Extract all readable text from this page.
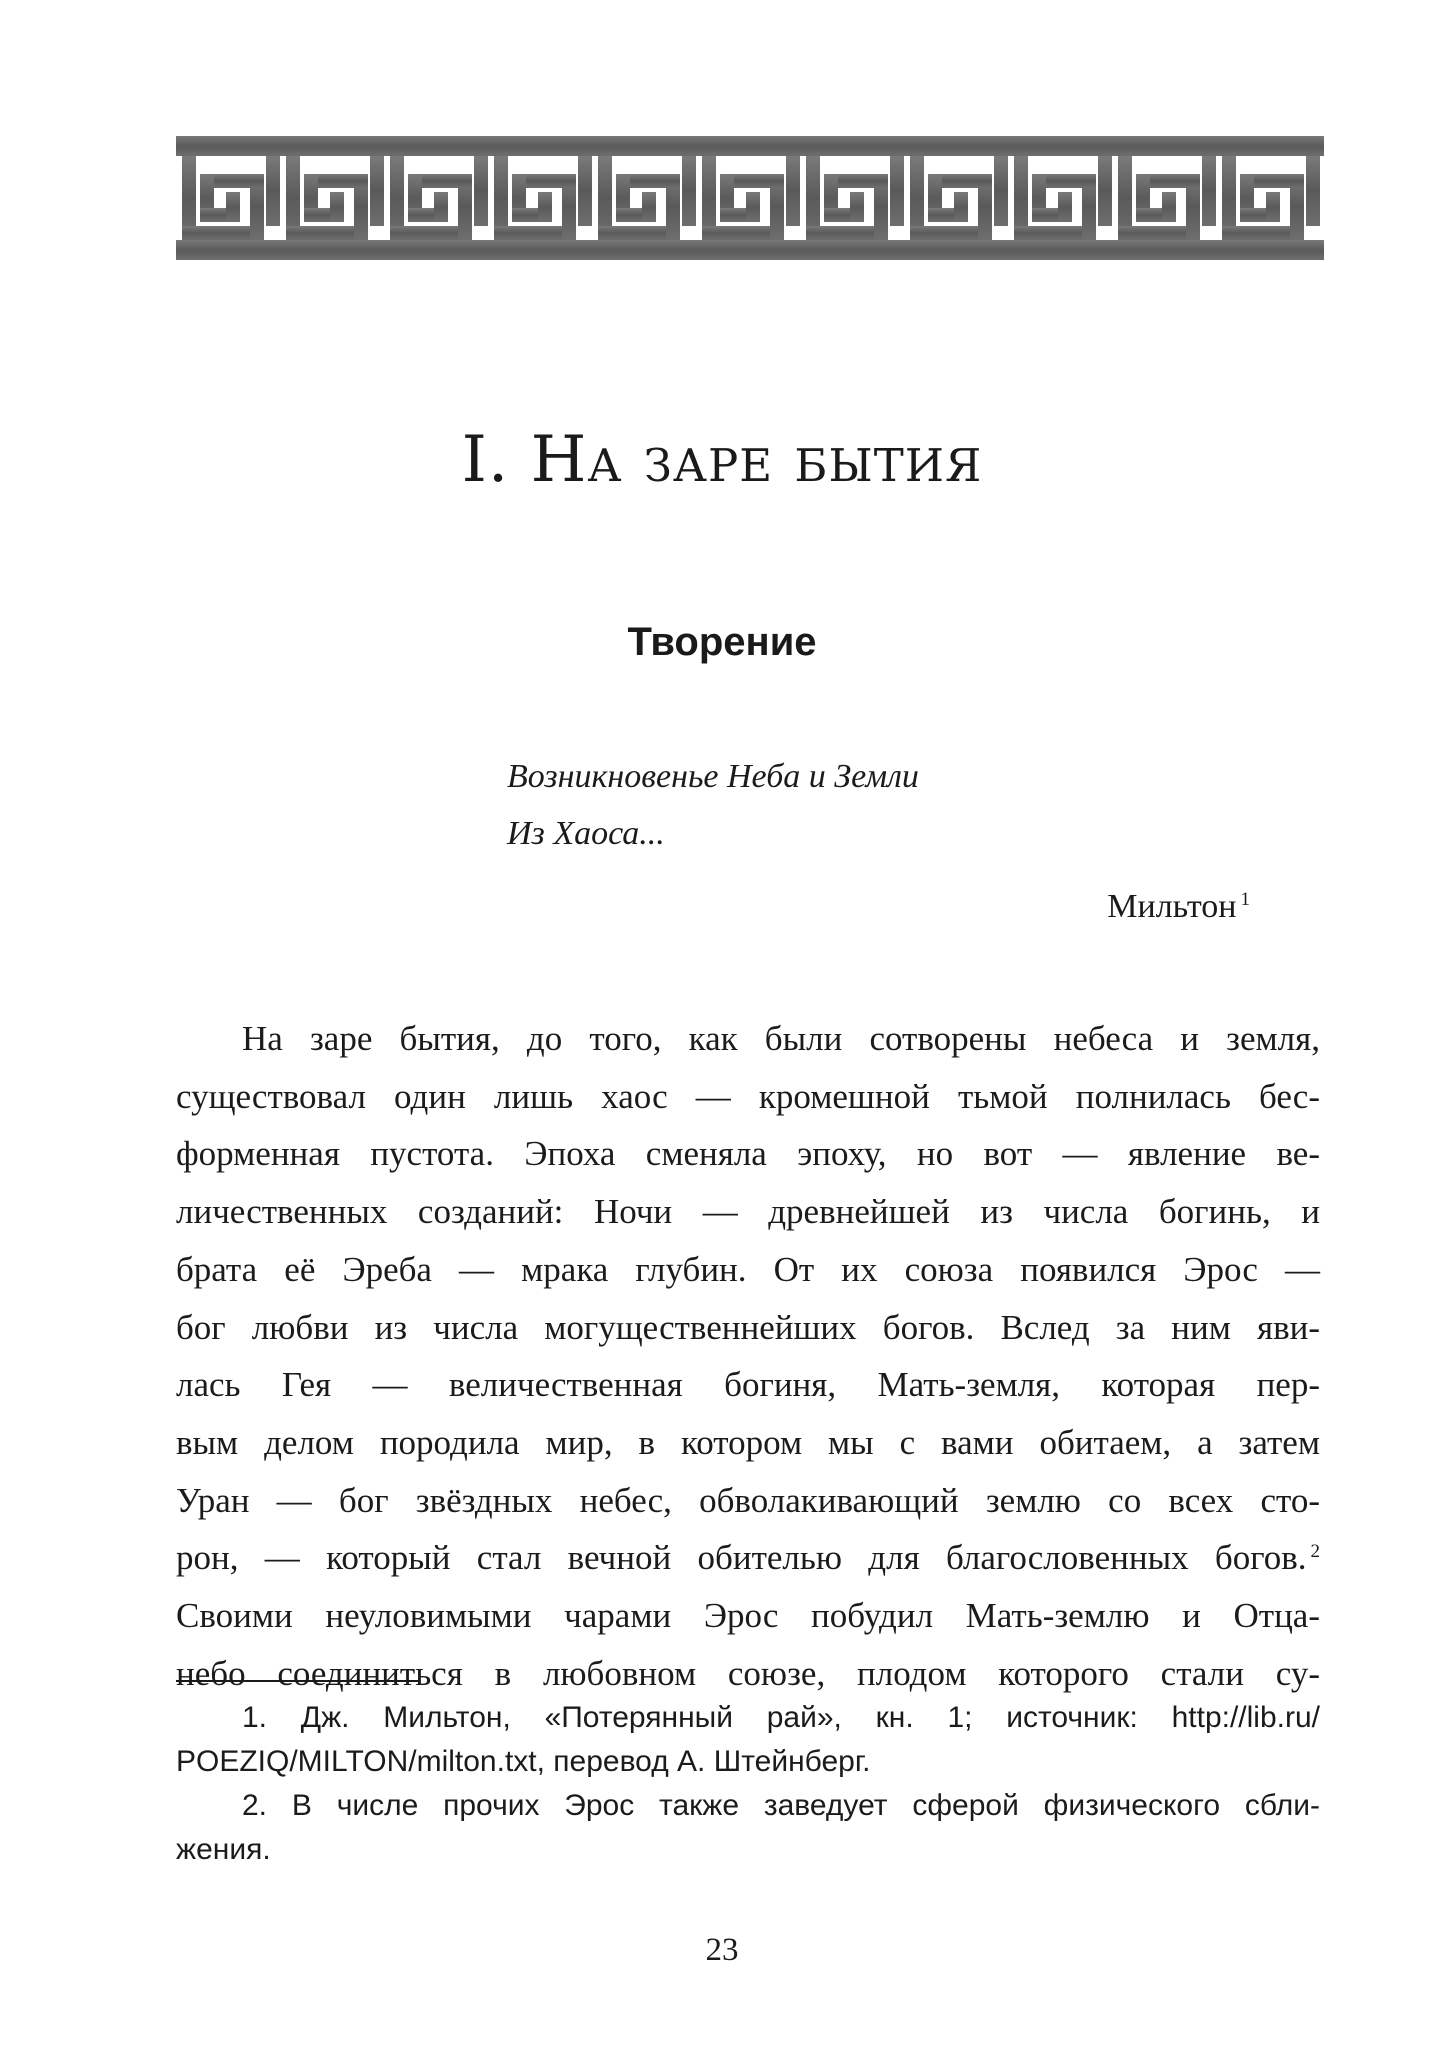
I. На заре бытия
Творение
Возникновенье Неба и Земли
Из Хаоса...
Мильтон $^1$
На заре бытия, до того, как были сотворены небеса и земля,
существовал один лишь хаос — кромешной тьмой полнилась бес-
форменная пустота. Эпоха сменяла эпоху, но вот — явление ве-
личественных созданий: Ночи — древнейшей из числа богинь, и
брата её Эреба — мрака глубин. От их союза появился Эрос —
бог любви из числа могущественнейших богов. Вслед за ним яви-
лась Гея — величественная богиня, Мать-земля, которая пер-
вым делом породила мир, в котором мы с вами обитаем, а затем
Уран — бог звёздных небес, обволакивающий землю со всех сто-
рон, — который стал вечной обителью для благословенных богов. $^2$
Своими неуловимыми чарами Эрос побудил Мать-землю и Отца-
небо соединиться в любовном союзе, плодом которого стали су-
1. Дж. Мильтон, «Потерянный рай», кн. 1; источник: http://lib.ru/
POEZIQ/MILTON/milton.txt, перевод А. Штейнберг.
2. В числе прочих Эрос также заведует сферой физического сбли-
жения.
23
